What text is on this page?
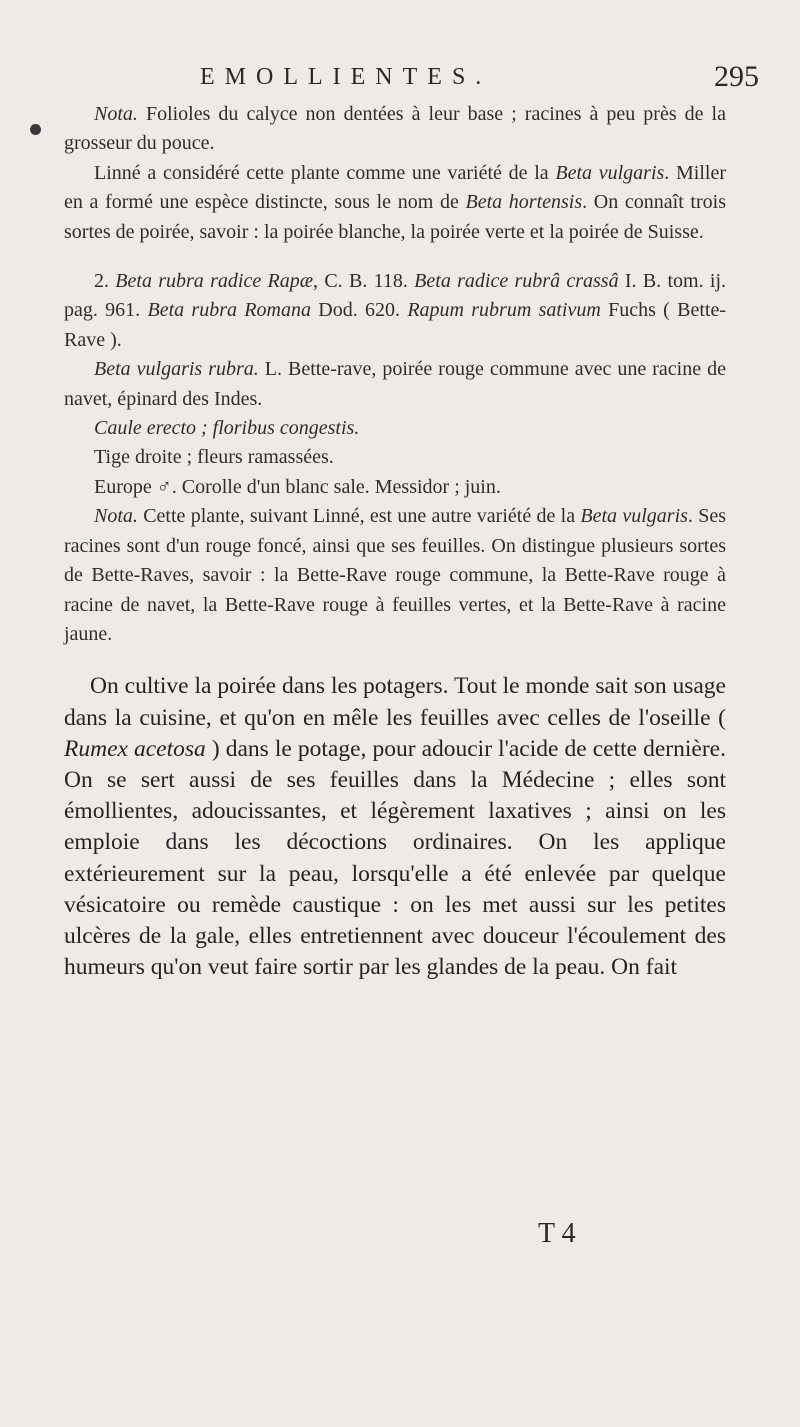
EMOLLIENTES.	295

Nota. Folioles du calyce non dentées à leur base ; racines à peu près de la grosseur du pouce.

Linné a considéré cette plante comme une variété de la Beta vulgaris. Miller en a formé une espèce distincte, sous le nom de Beta hortensis. On connaît trois sortes de poirée, savoir : la poirée blanche, la poirée verte et la poirée de Suisse.

2. Beta rubra radice Rapæ, C. B. 118. Beta radice rubrâ crassâ I. B. tom. ij. pag. 961. Beta rubra Romana Dod. 620. Rapum rubrum sativum Fuchs ( Bette-Rave ).

Beta vulgaris rubra. L. Bette-rave, poirée rouge commune avec une racine de navet, épinard des Indes.

Caule erecto ; floribus congestis.

Tige droite ; fleurs ramassées.

Europe ♂. Corolle d'un blanc sale. Messidor ; juin.

Nota. Cette plante, suivant Linné, est une autre variété de la Beta vulgaris. Ses racines sont d'un rouge foncé, ainsi que ses feuilles. On distingue plusieurs sortes de Bette-Raves, savoir : la Bette-Rave rouge commune, la Bette-Rave rouge à racine de navet, la Bette-Rave rouge à feuilles vertes, et la Bette-Rave à racine jaune.

On cultive la poirée dans les potagers. Tout le monde sait son usage dans la cuisine, et qu'on en mêle les feuilles avec celles de l'oseille ( Rumex acetosa ) dans le potage, pour adoucir l'acide de cette dernière. On se sert aussi de ses feuilles dans la Médecine ; elles sont émollientes, adoucissantes, et légèrement laxatives ; ainsi on les emploie dans les décoctions ordinaires. On les applique extérieurement sur la peau, lorsqu'elle a été enlevée par quelque vésicatoire ou remède caustique : on les met aussi sur les petites ulcères de la gale, elles entretiennent avec douceur l'écoulement des humeurs qu'on veut faire sortir par les glandes de la peau. On fait

T 4
